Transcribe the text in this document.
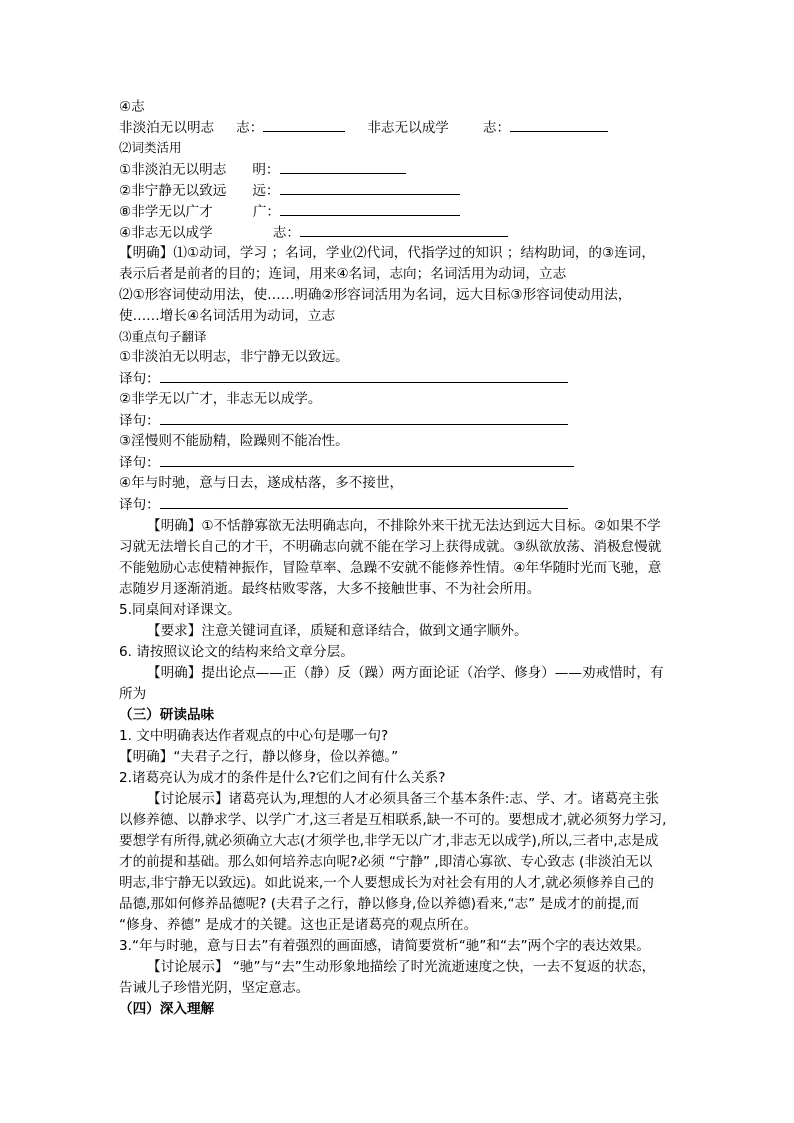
④志
非淡泊无以明志 志：	非志无以成学	志：
⑵词类活用
①非淡泊无以明志 明：
②非宁静无以致远 远：
⑧非学无以广才	广：
④非志无以成学	志：
【明确】⑴①动词，学习 ；名词，学业⑵代词，代指学过的知识 ；结构助词，的③连词，
表示后者是前者的目的；连词，用来④名词，志向；名词活用为动词，立志
⑵①形容词使动用法，使……明确②形容词活用为名词，远大目标③形容词使动用法，
使……增长④名词活用为动词，立志
⑶重点句子翻译
①非淡泊无以明志，非宁静无以致远。
译句：
②非学无以广才，非志无以成学。
译句：
③淫慢则不能励精，险躁则不能冶性。
译句：
④年与时驰，意与日去，遂成枯落，多不接世，
译句：
【明确】①不恬静寡欲无法明确志向，不排除外来干扰无法达到远大目标。②如果不学
习就无法增长自己的才干，不明确志向就不能在学习上获得成就。③纵欲放荡、消极怠慢就
不能勉励心志使精神振作，冒险草率、急躁不安就不能修养性情。④年华随时光而飞驰，意
志随岁月逐渐消逝。最终枯败零落，大多不接触世事、不为社会所用。
5.同桌间对译课文。
【要求】注意关键词直译，质疑和意译结合，做到文通字顺外。
6. 请按照议论文的结构来给文章分层。
【明确】提出论点——正（静）反（躁）两方面论证（冶学、修身）——劝戒惜时，有
所为
（三）研读品味
1. 文中明确表达作者观点的中心句是哪一句?
【明确】“夫君子之行，静以修身，俭以养德。”
2.诸葛亮认为成才的条件是什么?它们之间有什么关系?
【讨论展示】诸葛亮认为,理想的人才必须具备三个基本条件:志、学、才。诸葛亮主张
以修养德、以静求学、以学广才,这三者是互相联系,缺一不可的。要想成才,就必须努力学习,
要想学有所得,就必须确立大志(才须学也,非学无以广才,非志无以成学),所以,三者中,志是成
才的前提和基础。那么如何培养志向呢?必须 “宁静” ,即清心寡欲、专心致志 (非淡泊无以
明志,非宁静无以致远)。如此说来,一个人要想成长为对社会有用的人才,就必须修养自己的
品德,那如何修养品德呢? (夫君子之行，静以修身,俭以养德)看来,“志” 是成才的前提,而
“修身、养德” 是成才的关键。这也正是诸葛亮的观点所在。
3.“年与时驰，意与日去”有着强烈的画面感，请简要赏析“驰”和“去”两个字的表达效果。
【讨论展示】 “驰”与“去”生动形象地描绘了时光流逝速度之快，一去不复返的状态，
告诫儿子珍惜光阴，坚定意志。
（四）深入理解
